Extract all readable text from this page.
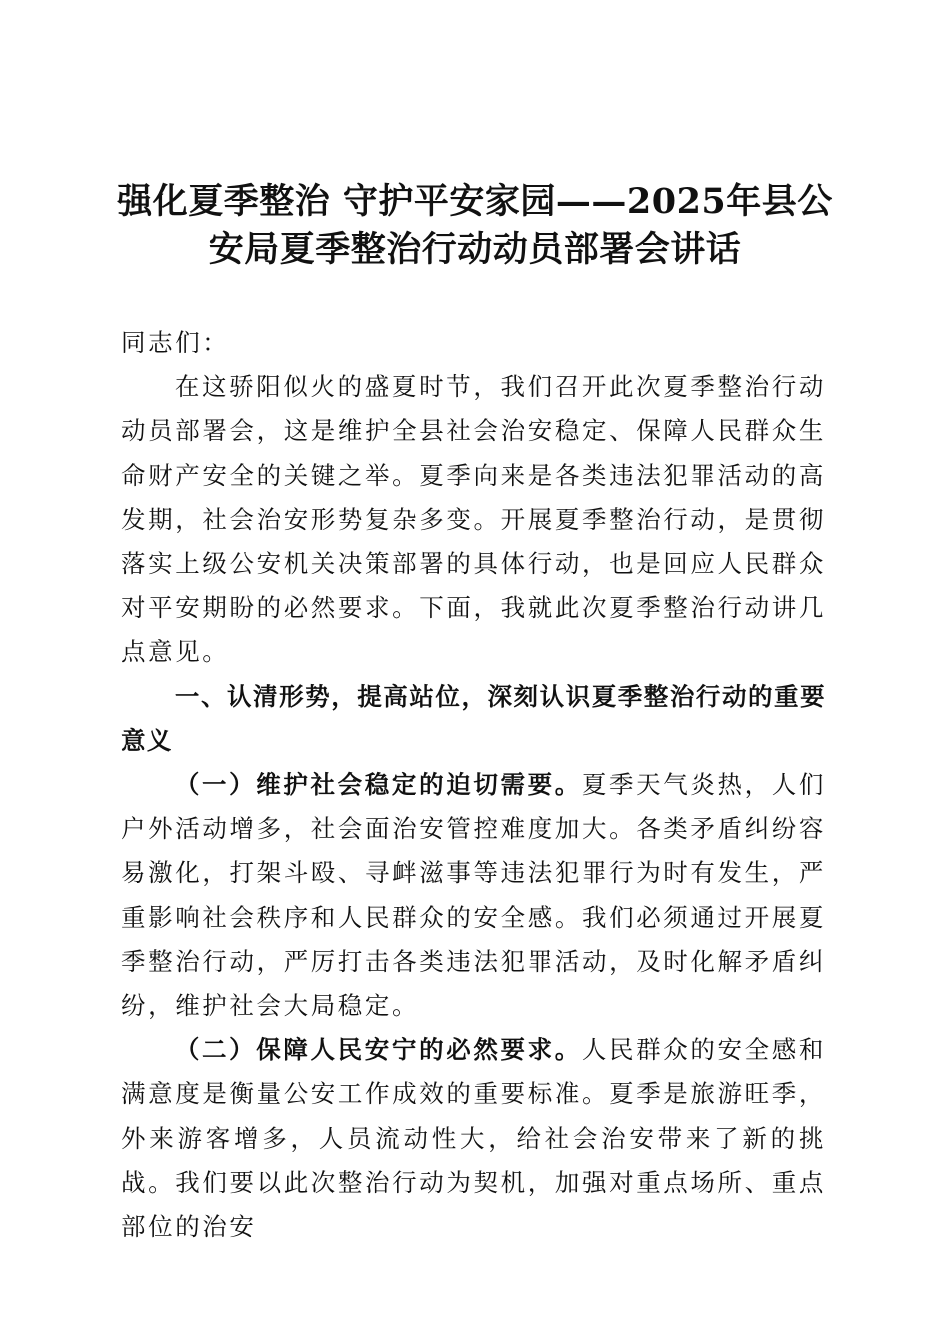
强化夏季整治 守护平安家园——2025年县公
安局夏季整治行动动员部署会讲话

同志们：

在这骄阳似火的盛夏时节，我们召开此次夏季整治行动动员部署会，这是维护全县社会治安稳定、保障人民群众生命财产安全的关键之举。夏季向来是各类违法犯罪活动的高发期，社会治安形势复杂多变。开展夏季整治行动，是贯彻落实上级公安机关决策部署的具体行动，也是回应人民群众对平安期盼的必然要求。下面，我就此次夏季整治行动讲几点意见。

一、认清形势，提高站位，深刻认识夏季整治行动的重要意义

（一）维护社会稳定的迫切需要。夏季天气炎热，人们户外活动增多，社会面治安管控难度加大。各类矛盾纠纷容易激化，打架斗殴、寻衅滋事等违法犯罪行为时有发生，严重影响社会秩序和人民群众的安全感。我们必须通过开展夏季整治行动，严厉打击各类违法犯罪活动，及时化解矛盾纠纷，维护社会大局稳定。

（二）保障人民安宁的必然要求。人民群众的安全感和满意度是衡量公安工作成效的重要标准。夏季是旅游旺季，外来游客增多，人员流动性大，给社会治安带来了新的挑战。我们要以此次整治行动为契机，加强对重点场所、重点部位的治安
